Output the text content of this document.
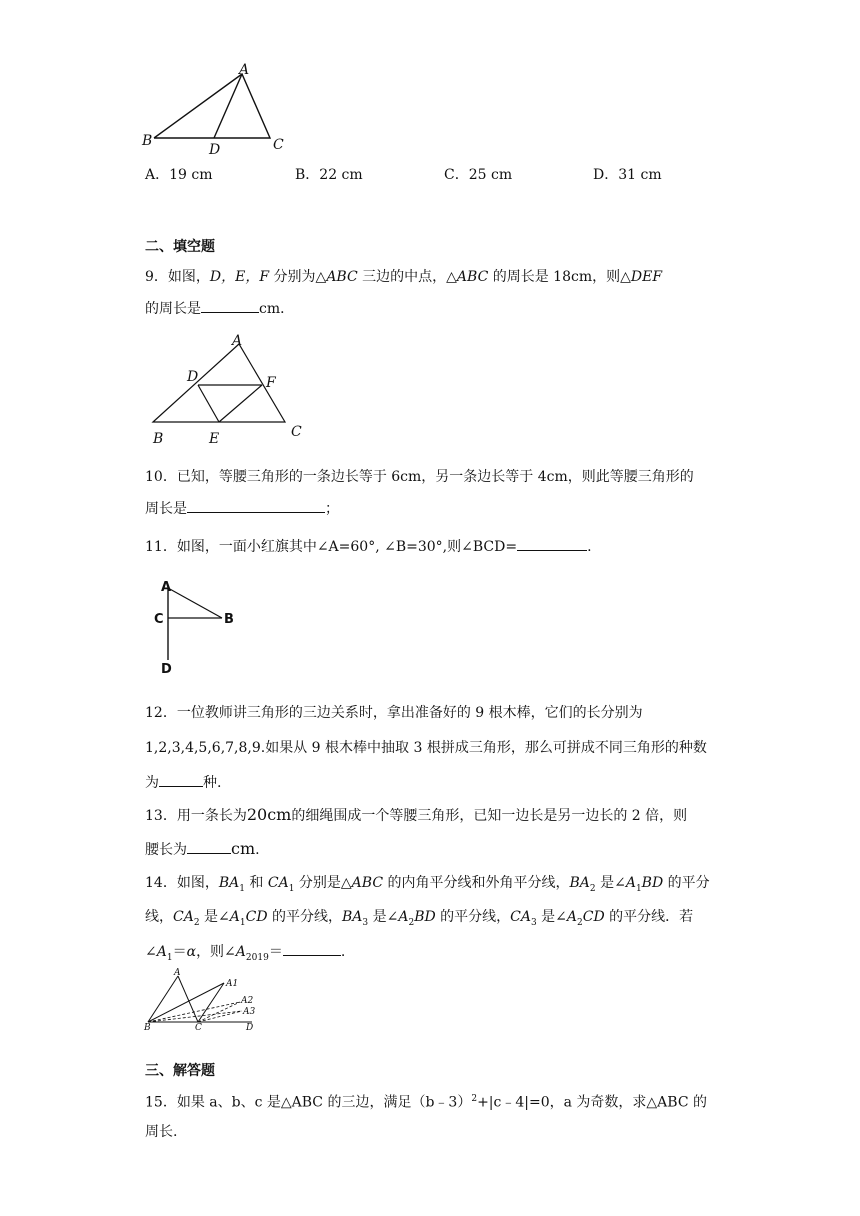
A
B	C
D
A．19 cm	B．22 cm	C．25 cm	D．31 cm
二、填空题
9．如图，D，E，F 分别为△ABC 三边的中点，△ABC 的周长是 18cm，则△DEF
的周长是	cm．
A
D	F
B	E	C
10．已知，等腰三角形的一条边长等于 6cm，另一条边长等于 4cm，则此等腰三角形的
周长是	；
11．如图，一面小红旗其中∠A=60°, ∠B=30°,则∠BCD=	.
A
C	B
D
12．一位教师讲三角形的三边关系时，拿出准备好的 9 根木棒，它们的长分别为
1,2,3,4,5,6,7,8,9.如果从 9 根木棒中抽取 3 根拼成三角形，那么可拼成不同三角形的种数
为	种.
13．用一条长为20cm的细绳围成一个等腰三角形，已知一边长是另一边长的 2 倍，则
腰长为	cm.
14．如图，$BA_1$ 和 $CA_1$ 分别是△ABC 的内角平分线和外角平分线，$BA_2$ 是$\angle A_1BD$ 的平分
线，$CA_2$ 是$\angle A_1CD$ 的平分线，$BA_3$ 是$\angle A_2BD$ 的平分线，$CA_3$ 是$\angle A_2CD$ 的平分线．若
$\angle A_1=\alpha$，则$\angle A_{2019}=$	.
A
A1
A2
A3
B	C	D
三、解答题
15．如果 a、b、c 是△ABC 的三边，满足（b﹣3）$^2$+|c﹣4|=0，a 为奇数，求△ABC 的
周长.
